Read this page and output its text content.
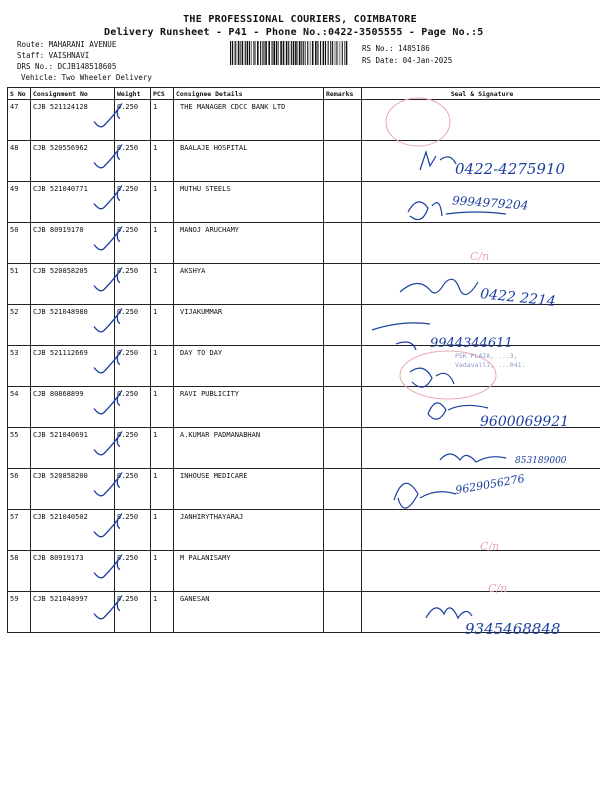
THE PROFESSIONAL COURIERS, COIMBATORE
Delivery Runsheet - P41 - Phone No.:0422-3505555 - Page No.:5
Route: MAHARANI AVENUE
Staff: VAISHNAVI
DRS No.: DCJB148518605
Vehicle: Two Wheeler Delivery
RS No.: 1485186
RS Date: 04-Jan-2025
S No	Consignment No	Weight	PCS	Consignee Details	Remarks	Seal & Signature
47	CJB 521124128	0.250	1	THE MANAGER CDCC BANK LTD		
48	CJB 520556962	0.250	1	BAALAJE HOSPITAL		
49	CJB 521040771	0.250	1	MUTHU STEELS		
50	CJB 80919170	0.250	1	MANOJ ARUCHAMY		
51	CJB 520858205	0.250	1	AKSHYA		
52	CJB 521048980	0.250	1	VIJAKUMMAR		
53	CJB 521112669	0.250	1	DAY TO DAY		
54	CJB 80868899	0.250	1	RAVI PUBLICITY		
55	CJB 521040691	0.250	1	A.KUMAR PADMANABHAN		
56	CJB 520858200	0.250	1	INHOUSE MEDICARE		
57	CJB 521040502	0.250	1	JANHIRYTHAYARAJ		
58	CJB 80919173	0.250	1	M PALANISAMY		
59	CJB 521048997	0.250	1	GANESAN		
0422-4275910
9994979204
0422 2214
9944344611
9600069921
853189000
9629056276
9345468848
PSK PLAZA, ...3, Vadavalli, ...041.
C/n
C/n
C/n
